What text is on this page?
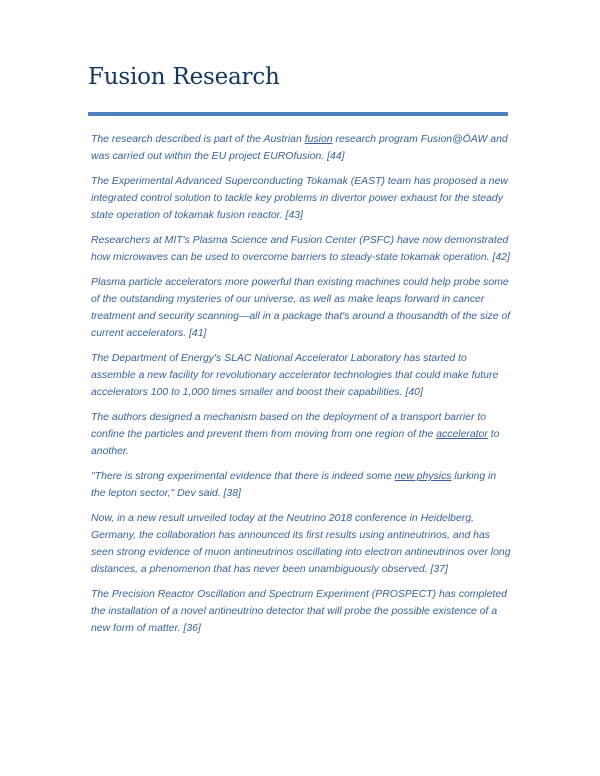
Fusion Research

The research described is part of the Austrian fusion research program Fusion@ÖAW and was carried out within the EU project EUROfusion. [44]

The Experimental Advanced Superconducting Tokamak (EAST) team has proposed a new integrated control solution to tackle key problems in divertor power exhaust for the steady state operation of tokamak fusion reactor. [43]

Researchers at MIT's Plasma Science and Fusion Center (PSFC) have now demonstrated how microwaves can be used to overcome barriers to steady-state tokamak operation. [42]

Plasma particle accelerators more powerful than existing machines could help probe some of the outstanding mysteries of our universe, as well as make leaps forward in cancer treatment and security scanning—all in a package that's around a thousandth of the size of current accelerators. [41]

The Department of Energy's SLAC National Accelerator Laboratory has started to assemble a new facility for revolutionary accelerator technologies that could make future accelerators 100 to 1,000 times smaller and boost their capabilities. [40]

The authors designed a mechanism based on the deployment of a transport barrier to confine the particles and prevent them from moving from one region of the accelerator to another.

"There is strong experimental evidence that there is indeed some new physics lurking in the lepton sector," Dev said. [38]

Now, in a new result unveiled today at the Neutrino 2018 conference in Heidelberg, Germany, the collaboration has announced its first results using antineutrinos, and has seen strong evidence of muon antineutrinos oscillating into electron antineutrinos over long distances, a phenomenon that has never been unambiguously observed. [37]

The Precision Reactor Oscillation and Spectrum Experiment (PROSPECT) has completed the installation of a novel antineutrino detector that will probe the possible existence of a new form of matter. [36]
